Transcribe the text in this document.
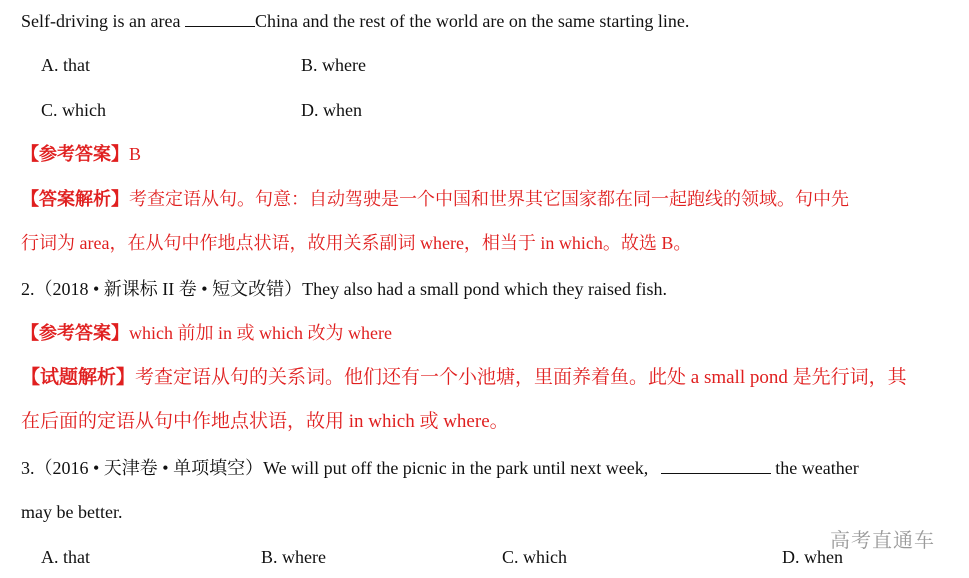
Self-driving is an area	China and the rest of the world are on the same starting line.
A. that	B. where
C. which	D. when
【参考答案】B
【答案解析】考查定语从句。句意：自动驾驶是一个中国和世界其它国家都在同一起跑线的领域。句中先
行词为 area，在从句中作地点状语，故用关系副词 where，相当于 in which。故选 B。
2.（2018 • 新课标 II 卷 • 短文改错）They also had a small pond which they raised fish.
【参考答案】which 前加 in 或 which 改为 where
【试题解析】考查定语从句的关系词。他们还有一个小池塘，里面养着鱼。此处 a small pond 是先行词，其
在后面的定语从句中作地点状语，故用 in which 或 where。
3.（2016 • 天津卷 • 单项填空）We will put off the picnic in the park until next week,	the weather
may be better.
A. that	B. where	C. which	D. when
高考直通车
